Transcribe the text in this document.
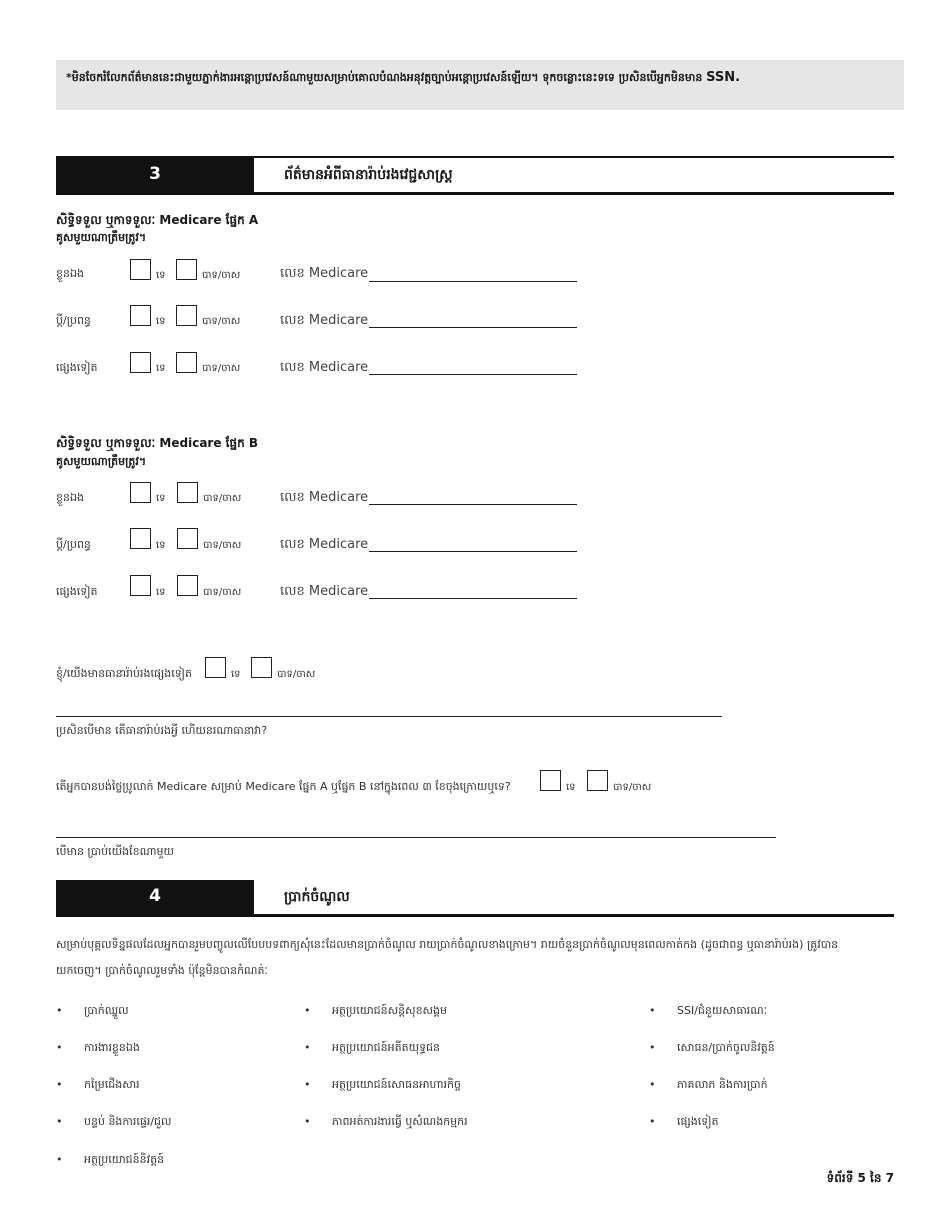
*មិនចែករំលែកព័ត៌មាននេះជាមួយភ្នាក់ងារអន្តោប្រវេសន៍ណាមួយសម្រាប់គោលបំណងអនុវត្តច្បាប់អន្តោប្រវេសន៍ឡើយ។ ទុកចន្លោះនេះទទេ ប្រសិនបើអ្នកមិនមាន SSN.
3	ព័ត៌មានអំពីធានារ៉ាប់រងវេជ្ជសាស្ត្រ
សិទ្ធិទទួល ឬកាទទួលៈ Medicare ផ្នែក A
គូសមួយណាត្រឹមត្រូវ។
ខ្លួនឯង	ទេ	បាទ/ចាស	លេខ Medicare
ប្តី/ប្រពន្ធ	ទេ	បាទ/ចាស	លេខ Medicare
ផ្សេងទៀត	ទេ	បាទ/ចាស	លេខ Medicare
សិទ្ធិទទួល ឬកាទទួលៈ Medicare ផ្នែក B
គូសមួយណាត្រឹមត្រូវ។
ខ្លួនឯង	ទេ	បាទ/ចាស	លេខ Medicare
ប្តី/ប្រពន្ធ	ទេ	បាទ/ចាស	លេខ Medicare
ផ្សេងទៀត	ទេ	បាទ/ចាស	លេខ Medicare
ខ្ញុំ/យើងមានធានារ៉ាប់រងផ្សេងទៀត	ទេ	បាទ/ចាស
ប្រសិនបើមាន តើធានារ៉ាប់រងអ្វី ហើយនរណាធានាវា?
តើអ្នកបានបង់ថ្លៃប្រូលាក់ Medicare សម្រាប់ Medicare ផ្នែក A ឬផ្នែក B នៅក្នុងពេល ៣ ខែចុងក្រោយឬទេ?	ទេ	បាទ/ចាស
បើមាន ប្រាប់យើងខែណាមួយ
4	ប្រាក់ចំណូល
សម្រាប់បុគ្គលទិន្នផលដែលអ្នកបានរួមបញ្ចូលលើបែបបទពាក្យសុំនេះដែលមានប្រាក់ចំណូល រាយប្រាក់ចំណូលខាងក្រោម។ រាយចំនួនប្រាក់ចំណូលមុនពេលកាត់កង (ដូចជាពន្ធ ឬធានារ៉ាប់រង) ត្រូវបានយកចេញ។ ប្រាក់ចំណូលរួមទាំង ប៉ុន្តែមិនបានកំណត់ៈ
• ប្រាក់ឈ្នួល
• ការងារខ្លួនឯង
• កម្រៃជើងសារ
• បន្ទប់ និងការផ្ទេរ/ជួល
• អត្ថប្រយោជន៍និវត្តន៍
• អត្ថប្រយោជន៍សន្តិសុខសង្គម
• អត្ថប្រយោជន៍អតីតយុទ្ធជន
• អត្ថប្រយោជន៍សោធនអាហារកិច្ច
• ភាពអត់ការងារធ្វើ ឬសំណងកម្មករ
• SSI/ជំនួយសាធារណៈ
• សោធន/ប្រាក់ចូលនិវត្តន៍
• ភាគលាភ និងការប្រាក់
• ផ្សេងទៀត
ទំព័រទី 5 នៃ 7
